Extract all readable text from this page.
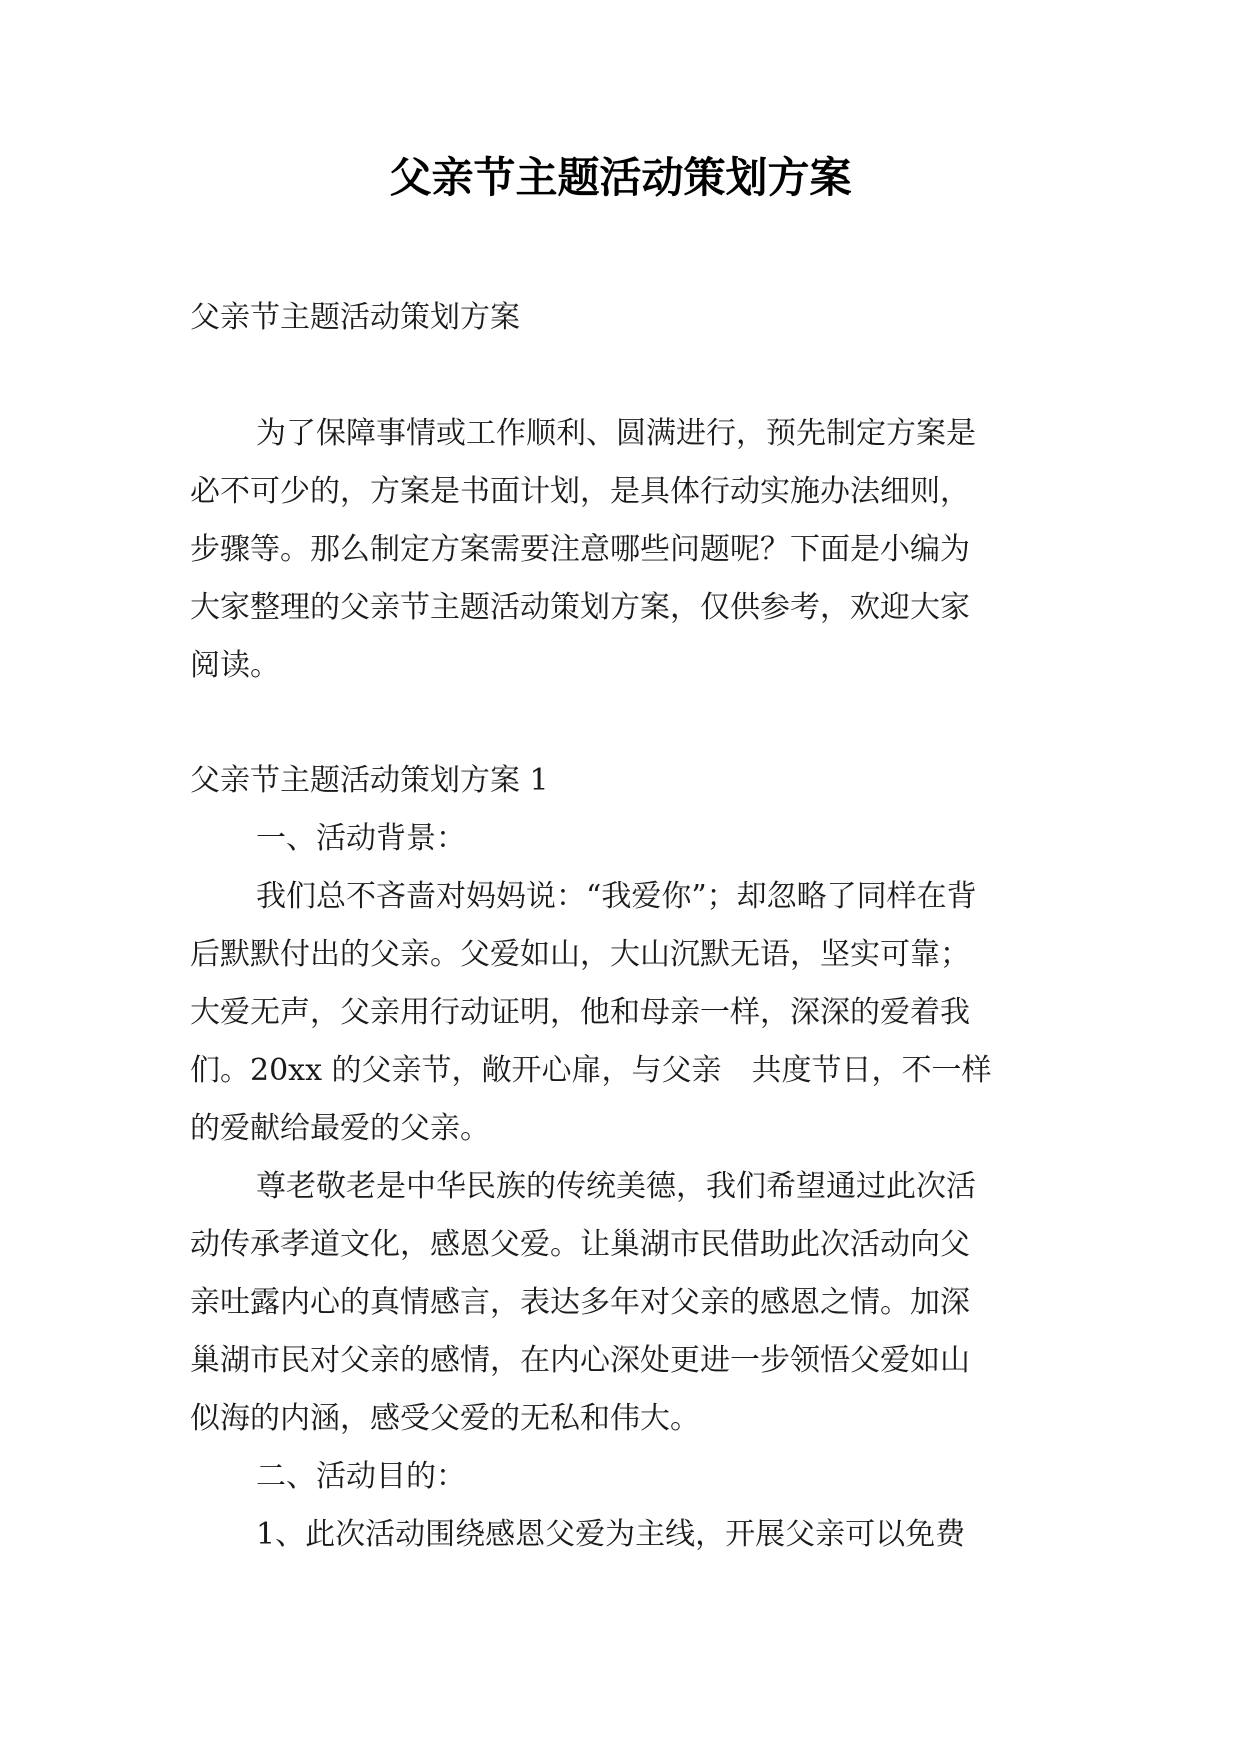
父亲节主题活动策划方案
父亲节主题活动策划方案
为了保障事情或工作顺利、圆满进行，预先制定方案是
必不可少的，方案是书面计划，是具体行动实施办法细则，
步骤等。那么制定方案需要注意哪些问题呢？下面是小编为
大家整理的父亲节主题活动策划方案，仅供参考，欢迎大家
阅读。
父亲节主题活动策划方案 1
一、活动背景：
我们总不吝啬对妈妈说：“我爱你”；却忽略了同样在背
后默默付出的父亲。父爱如山，大山沉默无语，坚实可靠；
大爱无声，父亲用行动证明，他和母亲一样，深深的爱着我
们。20xx 的父亲节，敞开心扉，与父亲　共度节日，不一样
的爱献给最爱的父亲。
尊老敬老是中华民族的传统美德，我们希望通过此次活
动传承孝道文化，感恩父爱。让巢湖市民借助此次活动向父
亲吐露内心的真情感言，表达多年对父亲的感恩之情。加深
巢湖市民对父亲的感情，在内心深处更进一步领悟父爱如山
似海的内涵，感受父爱的无私和伟大。
二、活动目的：
1、此次活动围绕感恩父爱为主线，开展父亲可以免费
